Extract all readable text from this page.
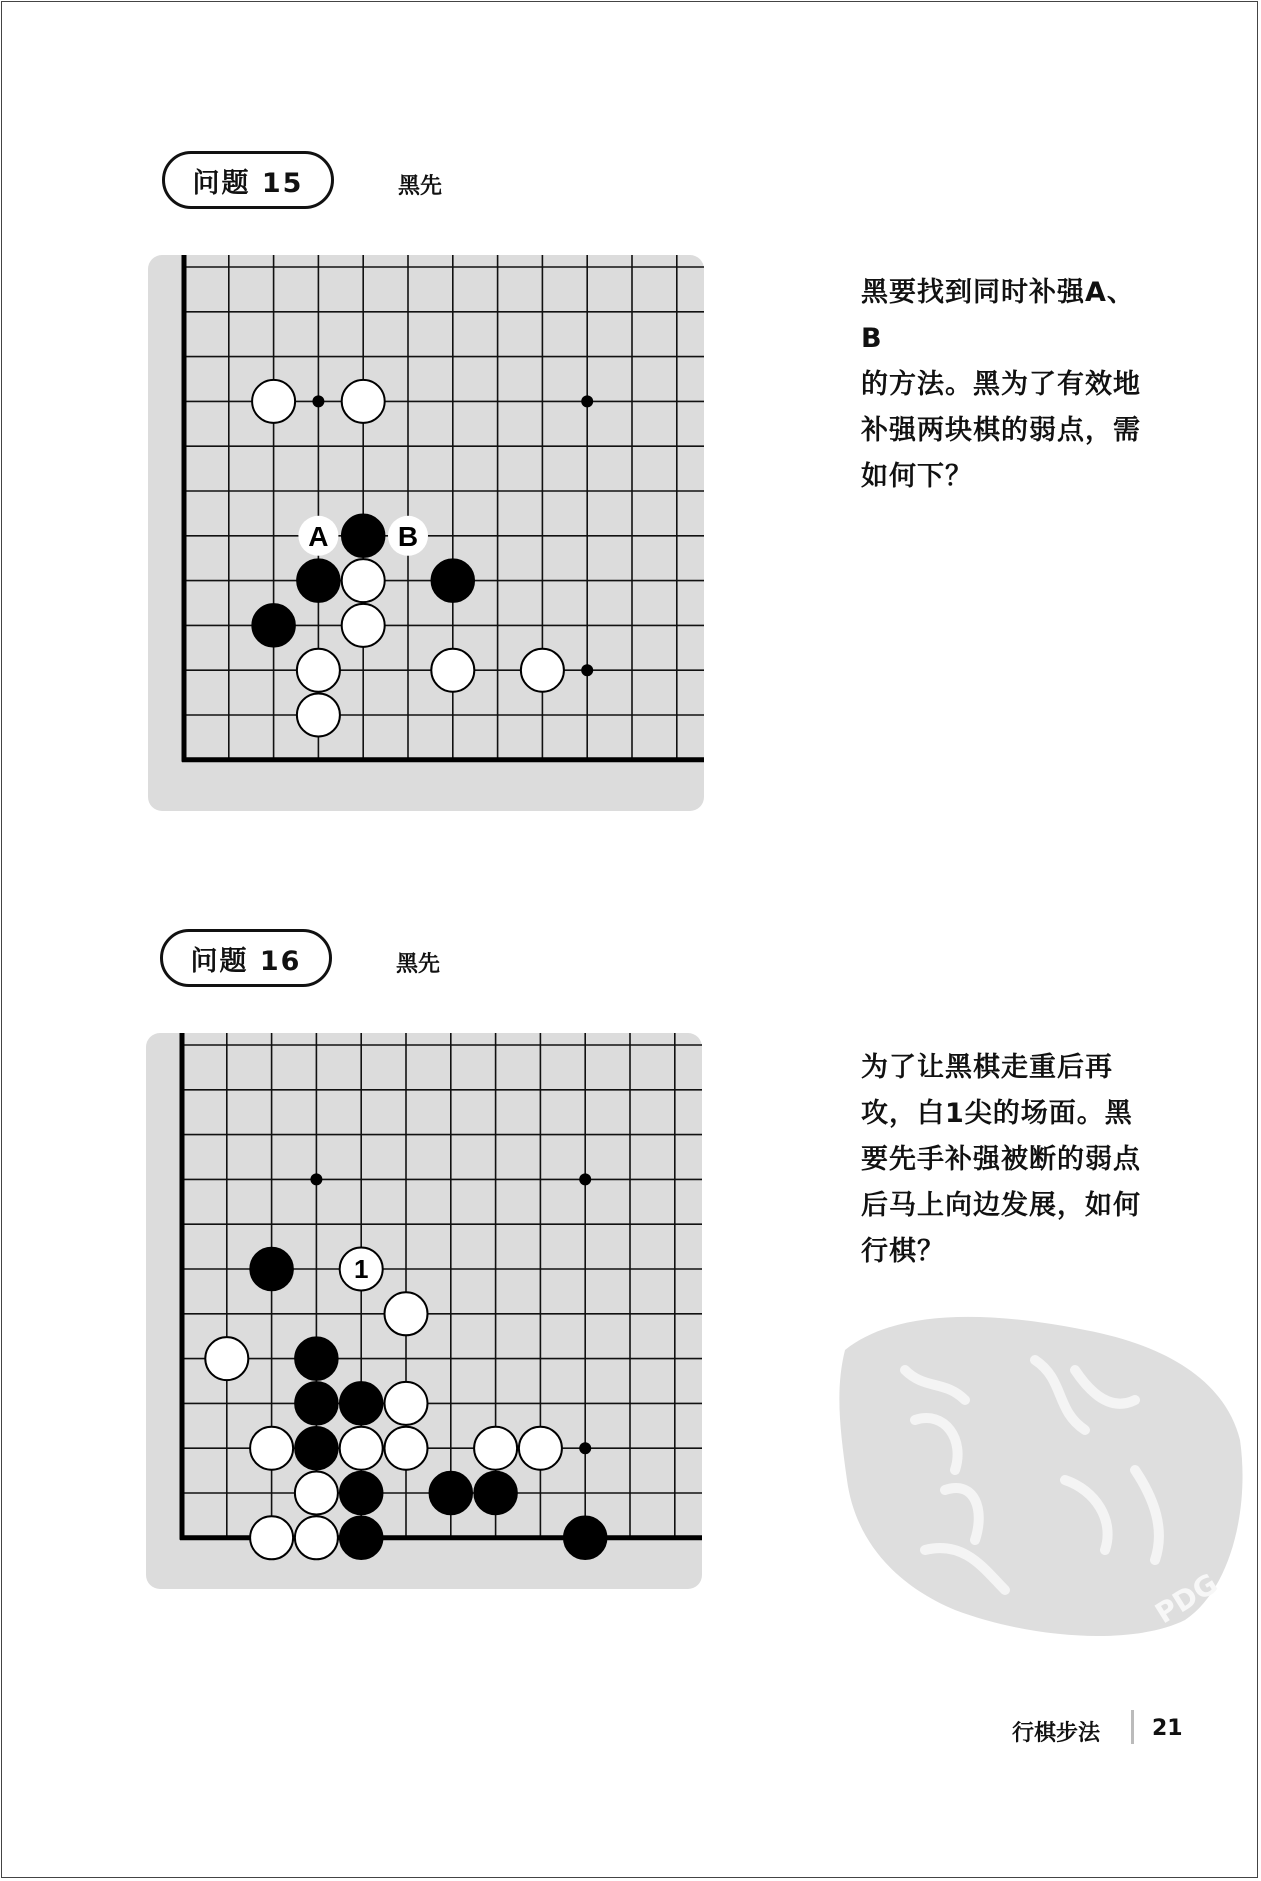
问题 15	黑先
A B
黑要找到同时补强A、B
的方法。黑为了有效地
补强两块棋的弱点，需
如何下？
问题 16	黑先
1
为了让黑棋走重后再
攻，白1尖的场面。黑
要先手补强被断的弱点
后马上向边发展，如何
行棋？
PDG
行棋步法 21
